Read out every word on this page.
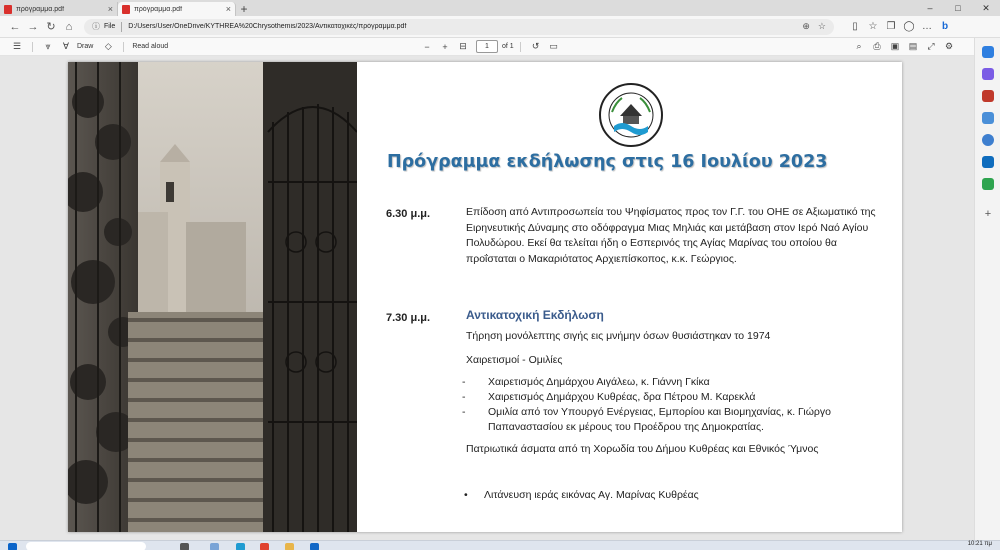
πρόγραμμα.pdf	×	πρόγραμμα.pdf	× +	–	□	✕
← → ↻ ⌂	ⓘ File D:/Users/User/OneDrive/KYTHREA%20Chrysothemis/2023/Αντικατοχικές/πρόγραμμα.pdf	⊕ ☆	▯	☆ ❐ ◯ … b
☰	⩔	∀	Draw	◇	Read aloud	−	+	⊟	1	of 1	↺	▭	⌕	⎙	▣	▤	⤢	⚙
+
Πρόγραμμα εκδήλωσης στις 16 Ιουλίου 2023
6.30 μ.μ.	Επίδοση από Αντιπροσωπεία του Ψηφίσματος προς τον Γ.Γ. του ΟΗΕ σε Αξιωματικό της Ειρηνευτικής Δύναμης στο οδόφραγμα Μιας Μηλιάς και μετάβαση στον Ιερό Ναό Αγίου Πολυδώρου. Εκεί θα τελείται ήδη ο Εσπερινός της Αγίας Μαρίνας του οποίου θα προΐσταται ο Μακαριότατος Αρχιεπίσκοπος, κ.κ. Γεώργιος.
7.30 μ.μ.	Αντικατοχική Εκδήλωση
Τήρηση μονόλεπτης σιγής εις μνήμην όσων θυσιάστηκαν το 1974
Χαιρετισμοί - Ομιλίες
- Χαιρετισμός Δημάρχου Αιγάλεω, κ. Γιάννη Γκίκα
- Χαιρετισμός Δημάρχου Κυθρέας, δρα Πέτρου Μ. Καρεκλά
- Ομιλία από τον Υπουργό Ενέργειας, Εμπορίου και Βιομηχανίας, κ. Γιώργο Παπαναστασίου εκ μέρους του Προέδρου της Δημοκρατίας.
Πατριωτικά άσματα από τη Χορωδία του Δήμου Κυθρέας και Εθνικός Ύμνος
• Λιτάνευση ιεράς εικόνας Αγ. Μαρίνας Κυθρέας
10:21 πμ
